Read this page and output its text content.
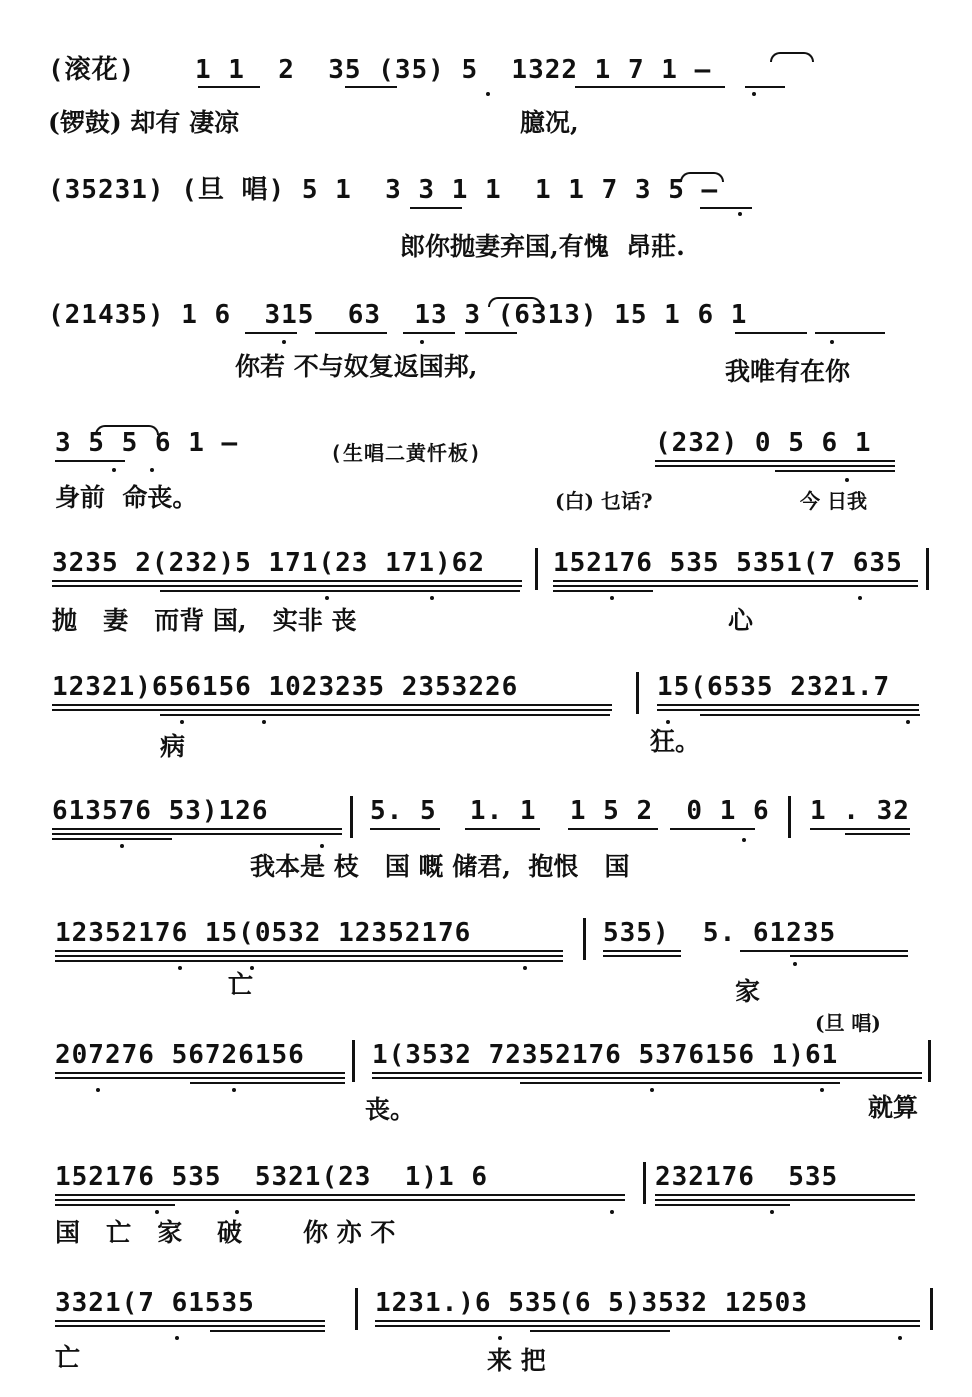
(滚花) 1 1  2  35 (35) 5  1322 1 7 1 —
(锣鼓) 却有 凄凉	臆况,
(35231) (旦 唱) 5 1  3 3 1 1  1 1 7 3 5 —
郎你抛妻弃国,有愧  昂莊.
(21435) 1 6  315  63  13 3 (6313) 15 1 6 1
你若 不与奴复返国邦,	我唯有在你
3 5 5 6 1 —	(生唱二黄忏板)	(232) 0 5 6 1
身前  命丧。	(白) 乜话?	今 日我
3235 2(232)5 171(23 171)62	152176 535 5351(7 635
抛   妻   而背 国,   实非 丧	心
12321)656156 1023235 2353226	15(6535 2321.7
病	狂。
613576 53)126	5. 5  1. 1  1 5 2  0 1 6 1 . 32
我本是 枝   国 嘅 储君,  抱恨   国
12352176 15(0532 12352176	535)  5. 61235
亡	家
(旦 唱)
207276 56726156	1(3532 72352176 5376156 1)61
丧。	就算
152176 535  5321(23  1)1 6	232176  535
国   亡   家    破       你 亦 不
3321(7 61535	1231.)6 535(6 5)3532 12503
亡	来 把
